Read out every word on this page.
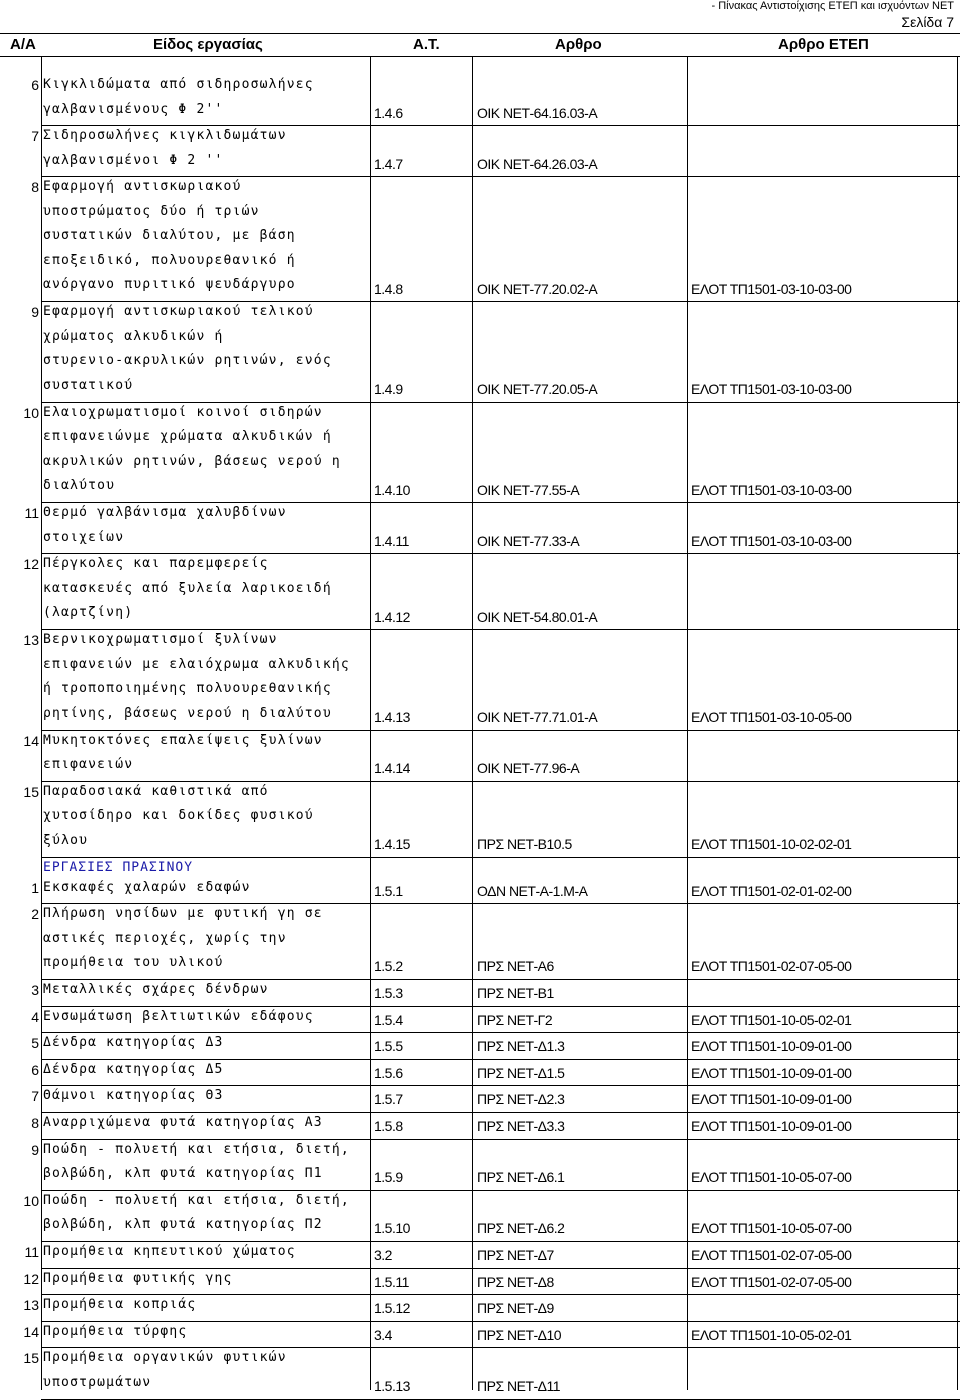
- Πίνακας Αντιστοίχισης ΕΤΕΠ και ισχυόντων ΝΕΤ
Σελίδα 7
Α/Α	Είδος εργασίας	Α.Τ.	Αρθρο	Αρθρο ΕΤΕΠ
6 Κιγκλιδώματα από σιδηροσωλήνες
γαλβανισμένους Φ 2''	1.4.6	ΟΙΚ ΝΕΤ-64.16.03-Α
7 Σιδηροσωλήνες κιγκλιδωμάτων
γαλβανισμένοι Φ 2 ''	1.4.7	ΟΙΚ ΝΕΤ-64.26.03-Α
8 Εφαρμογή αντισκωριακού
υποστρώματος δύο ή τριών
συστατικών διαλύτου, με βάση
εποξειδικό, πολυουρεθανικό ή
ανόργανο πυριτικό ψευδάργυρο	1.4.8	ΟΙΚ ΝΕΤ-77.20.02-Α	ΕΛΟΤ ΤΠ1501-03-10-03-00
9 Εφαρμογή αντισκωριακού τελικού
χρώματος αλκυδικών ή
στυρενιο-ακρυλικών ρητινών, ενός
συστατικού	1.4.9	ΟΙΚ ΝΕΤ-77.20.05-Α	ΕΛΟΤ ΤΠ1501-03-10-03-00
10 Ελαιοχρωματισμοί κοινοί σιδηρών
επιφανειώνμε χρώματα αλκυδικών ή
ακρυλικών ρητινών, βάσεως νερού η
διαλύτου	1.4.10	ΟΙΚ ΝΕΤ-77.55-Α	ΕΛΟΤ ΤΠ1501-03-10-03-00
11 Θερμό γαλβάνισμα χαλυβδίνων
στοιχείων	1.4.11	ΟΙΚ ΝΕΤ-77.33-Α	ΕΛΟΤ ΤΠ1501-03-10-03-00
12 Πέργκολες και παρεμφερείς
κατασκευές από ξυλεία λαρικοειδή
(λαρτζίνη)	1.4.12	ΟΙΚ ΝΕΤ-54.80.01-Α
13 Βερνικοχρωματισμοί ξυλίνων
επιφανειών με ελαιόχρωμα αλκυδικής
ή τροποποιημένης πολυουρεθανικής
ρητίνης, βάσεως νερού η διαλύτου	1.4.13	ΟΙΚ ΝΕΤ-77.71.01-Α	ΕΛΟΤ ΤΠ1501-03-10-05-00
14 Μυκητοκτόνες επαλείψεις ξυλίνων
επιφανειών	1.4.14	ΟΙΚ ΝΕΤ-77.96-Α
15 Παραδοσιακά καθιστικά από
χυτοσίδηρο και δοκίδες φυσικού
ξύλου	1.4.15	ΠΡΣ ΝΕΤ-Β10.5	ΕΛΟΤ ΤΠ1501-10-02-02-01
ΕΡΓΑΣΙΕΣ ΠΡΑΣΙΝΟΥ
1 Εκσκαφές χαλαρών εδαφών	1.5.1	ΟΔΝ ΝΕΤ-Α-1.Μ-Α	ΕΛΟΤ ΤΠ1501-02-01-02-00
2 Πλήρωση νησίδων με φυτική γη σε
αστικές περιοχές, χωρίς την
προμήθεια του υλικού	1.5.2	ΠΡΣ ΝΕΤ-Α6	ΕΛΟΤ ΤΠ1501-02-07-05-00
3 Μεταλλικές σχάρες δένδρων	1.5.3	ΠΡΣ ΝΕΤ-Β1
4 Ενσωμάτωση βελτιωτικών εδάφους	1.5.4	ΠΡΣ ΝΕΤ-Γ2	ΕΛΟΤ ΤΠ1501-10-05-02-01
5 Δένδρα κατηγορίας Δ3	1.5.5	ΠΡΣ ΝΕΤ-Δ1.3	ΕΛΟΤ ΤΠ1501-10-09-01-00
6 Δένδρα κατηγορίας Δ5	1.5.6	ΠΡΣ ΝΕΤ-Δ1.5	ΕΛΟΤ ΤΠ1501-10-09-01-00
7 Θάμνοι κατηγορίας Θ3	1.5.7	ΠΡΣ ΝΕΤ-Δ2.3	ΕΛΟΤ ΤΠ1501-10-09-01-00
8 Αναρριχώμενα φυτά κατηγορίας Α3	1.5.8	ΠΡΣ ΝΕΤ-Δ3.3	ΕΛΟΤ ΤΠ1501-10-09-01-00
9 Ποώδη - πολυετή και ετήσια, διετή,
βολβώδη, κλπ φυτά κατηγορίας Π1	1.5.9	ΠΡΣ ΝΕΤ-Δ6.1	ΕΛΟΤ ΤΠ1501-10-05-07-00
10 Ποώδη - πολυετή και ετήσια, διετή,
βολβώδη, κλπ φυτά κατηγορίας Π2	1.5.10	ΠΡΣ ΝΕΤ-Δ6.2	ΕΛΟΤ ΤΠ1501-10-05-07-00
11 Προμήθεια κηπευτικού χώματος	3.2	ΠΡΣ ΝΕΤ-Δ7	ΕΛΟΤ ΤΠ1501-02-07-05-00
12 Προμήθεια φυτικής γης	1.5.11	ΠΡΣ ΝΕΤ-Δ8	ΕΛΟΤ ΤΠ1501-02-07-05-00
13 Προμήθεια κοπριάς	1.5.12	ΠΡΣ ΝΕΤ-Δ9
14 Προμήθεια τύρφης	3.4	ΠΡΣ ΝΕΤ-Δ10	ΕΛΟΤ ΤΠ1501-10-05-02-01
15 Προμήθεια οργανικών φυτικών
υποστρωμάτων	1.5.13	ΠΡΣ ΝΕΤ-Δ11
